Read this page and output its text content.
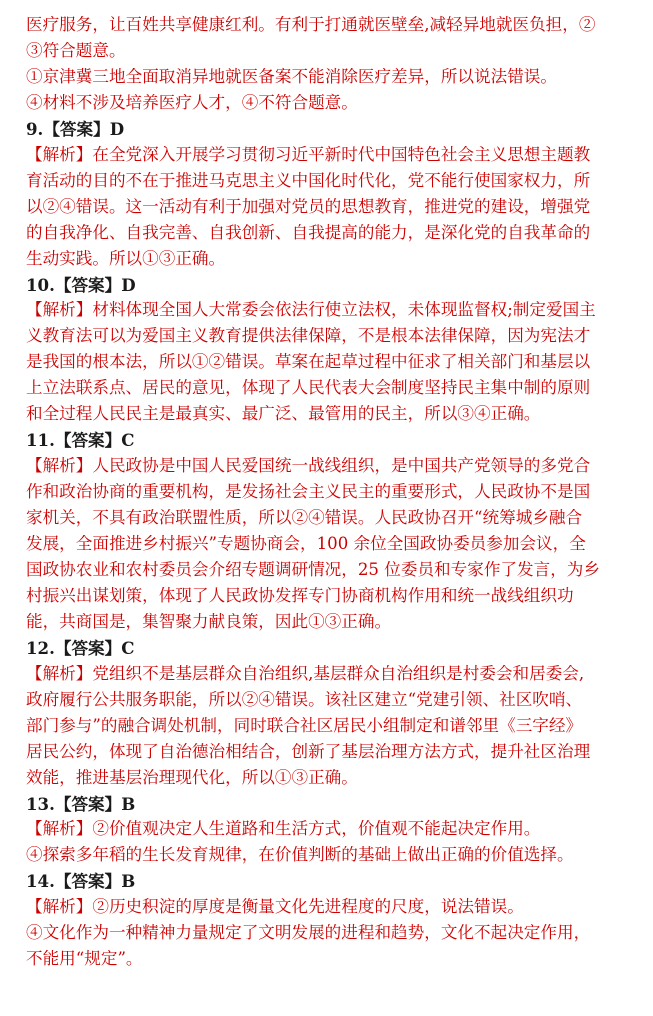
医疗服务，让百姓共享健康红利。有利于打通就医壁垒,减轻异地就医负担，②
③符合题意。
①京津冀三地全面取消异地就医备案不能消除医疗差异，所以说法错误。
④材料不涉及培养医疗人才，④不符合题意。
9.【答案】D
【解析】在全党深入开展学习贯彻习近平新时代中国特色社会主义思想主题教
育活动的目的不在于推进马克思主义中国化时代化，党不能行使国家权力，所
以②④错误。这一活动有利于加强对党员的思想教育，推进党的建设，增强党
的自我净化、自我完善、自我创新、自我提高的能力，是深化党的自我革命的
生动实践。所以①③正确。
10.【答案】D
【解析】材料体现全国人大常委会依法行使立法权，未体现监督权;制定爱国主
义教育法可以为爱国主义教育提供法律保障，不是根本法律保障，因为宪法才
是我国的根本法，所以①②错误。草案在起草过程中征求了相关部门和基层以
上立法联系点、居民的意见，体现了人民代表大会制度坚持民主集中制的原则
和全过程人民民主是最真实、最广泛、最管用的民主，所以③④正确。
11.【答案】C
【解析】人民政协是中国人民爱国统一战线组织，是中国共产党领导的多党合
作和政治协商的重要机构，是发扬社会主义民主的重要形式，人民政协不是国
家机关，不具有政治联盟性质，所以②④错误。人民政协召开“统筹城乡融合
发展，全面推进乡村振兴”专题协商会，100 余位全国政协委员参加会议，全
国政协农业和农村委员会介绍专题调研情况，25 位委员和专家作了发言，为乡
村振兴出谋划策，体现了人民政协发挥专门协商机构作用和统一战线组织功
能，共商国是，集智聚力献良策，因此①③正确。
12.【答案】C
【解析】党组织不是基层群众自治组织,基层群众自治组织是村委会和居委会,
政府履行公共服务职能，所以②④错误。该社区建立“党建引领、社区吹哨、
部门参与”的融合调处机制，同时联合社区居民小组制定和谱邻里《三字经》
居民公约，体现了自治德治相结合，创新了基层治理方法方式，提升社区治理
效能，推进基层治理现代化，所以①③正确。
13.【答案】B
【解析】②价值观决定人生道路和生活方式，价值观不能起决定作用。
④探索多年稻的生长发育规律，在价值判断的基础上做出正确的价值选择。
14.【答案】B
【解析】②历史积淀的厚度是衡量文化先进程度的尺度，说法错误。
④文化作为一种精神力量规定了文明发展的进程和趋势，文化不起决定作用，
不能用“规定”。
